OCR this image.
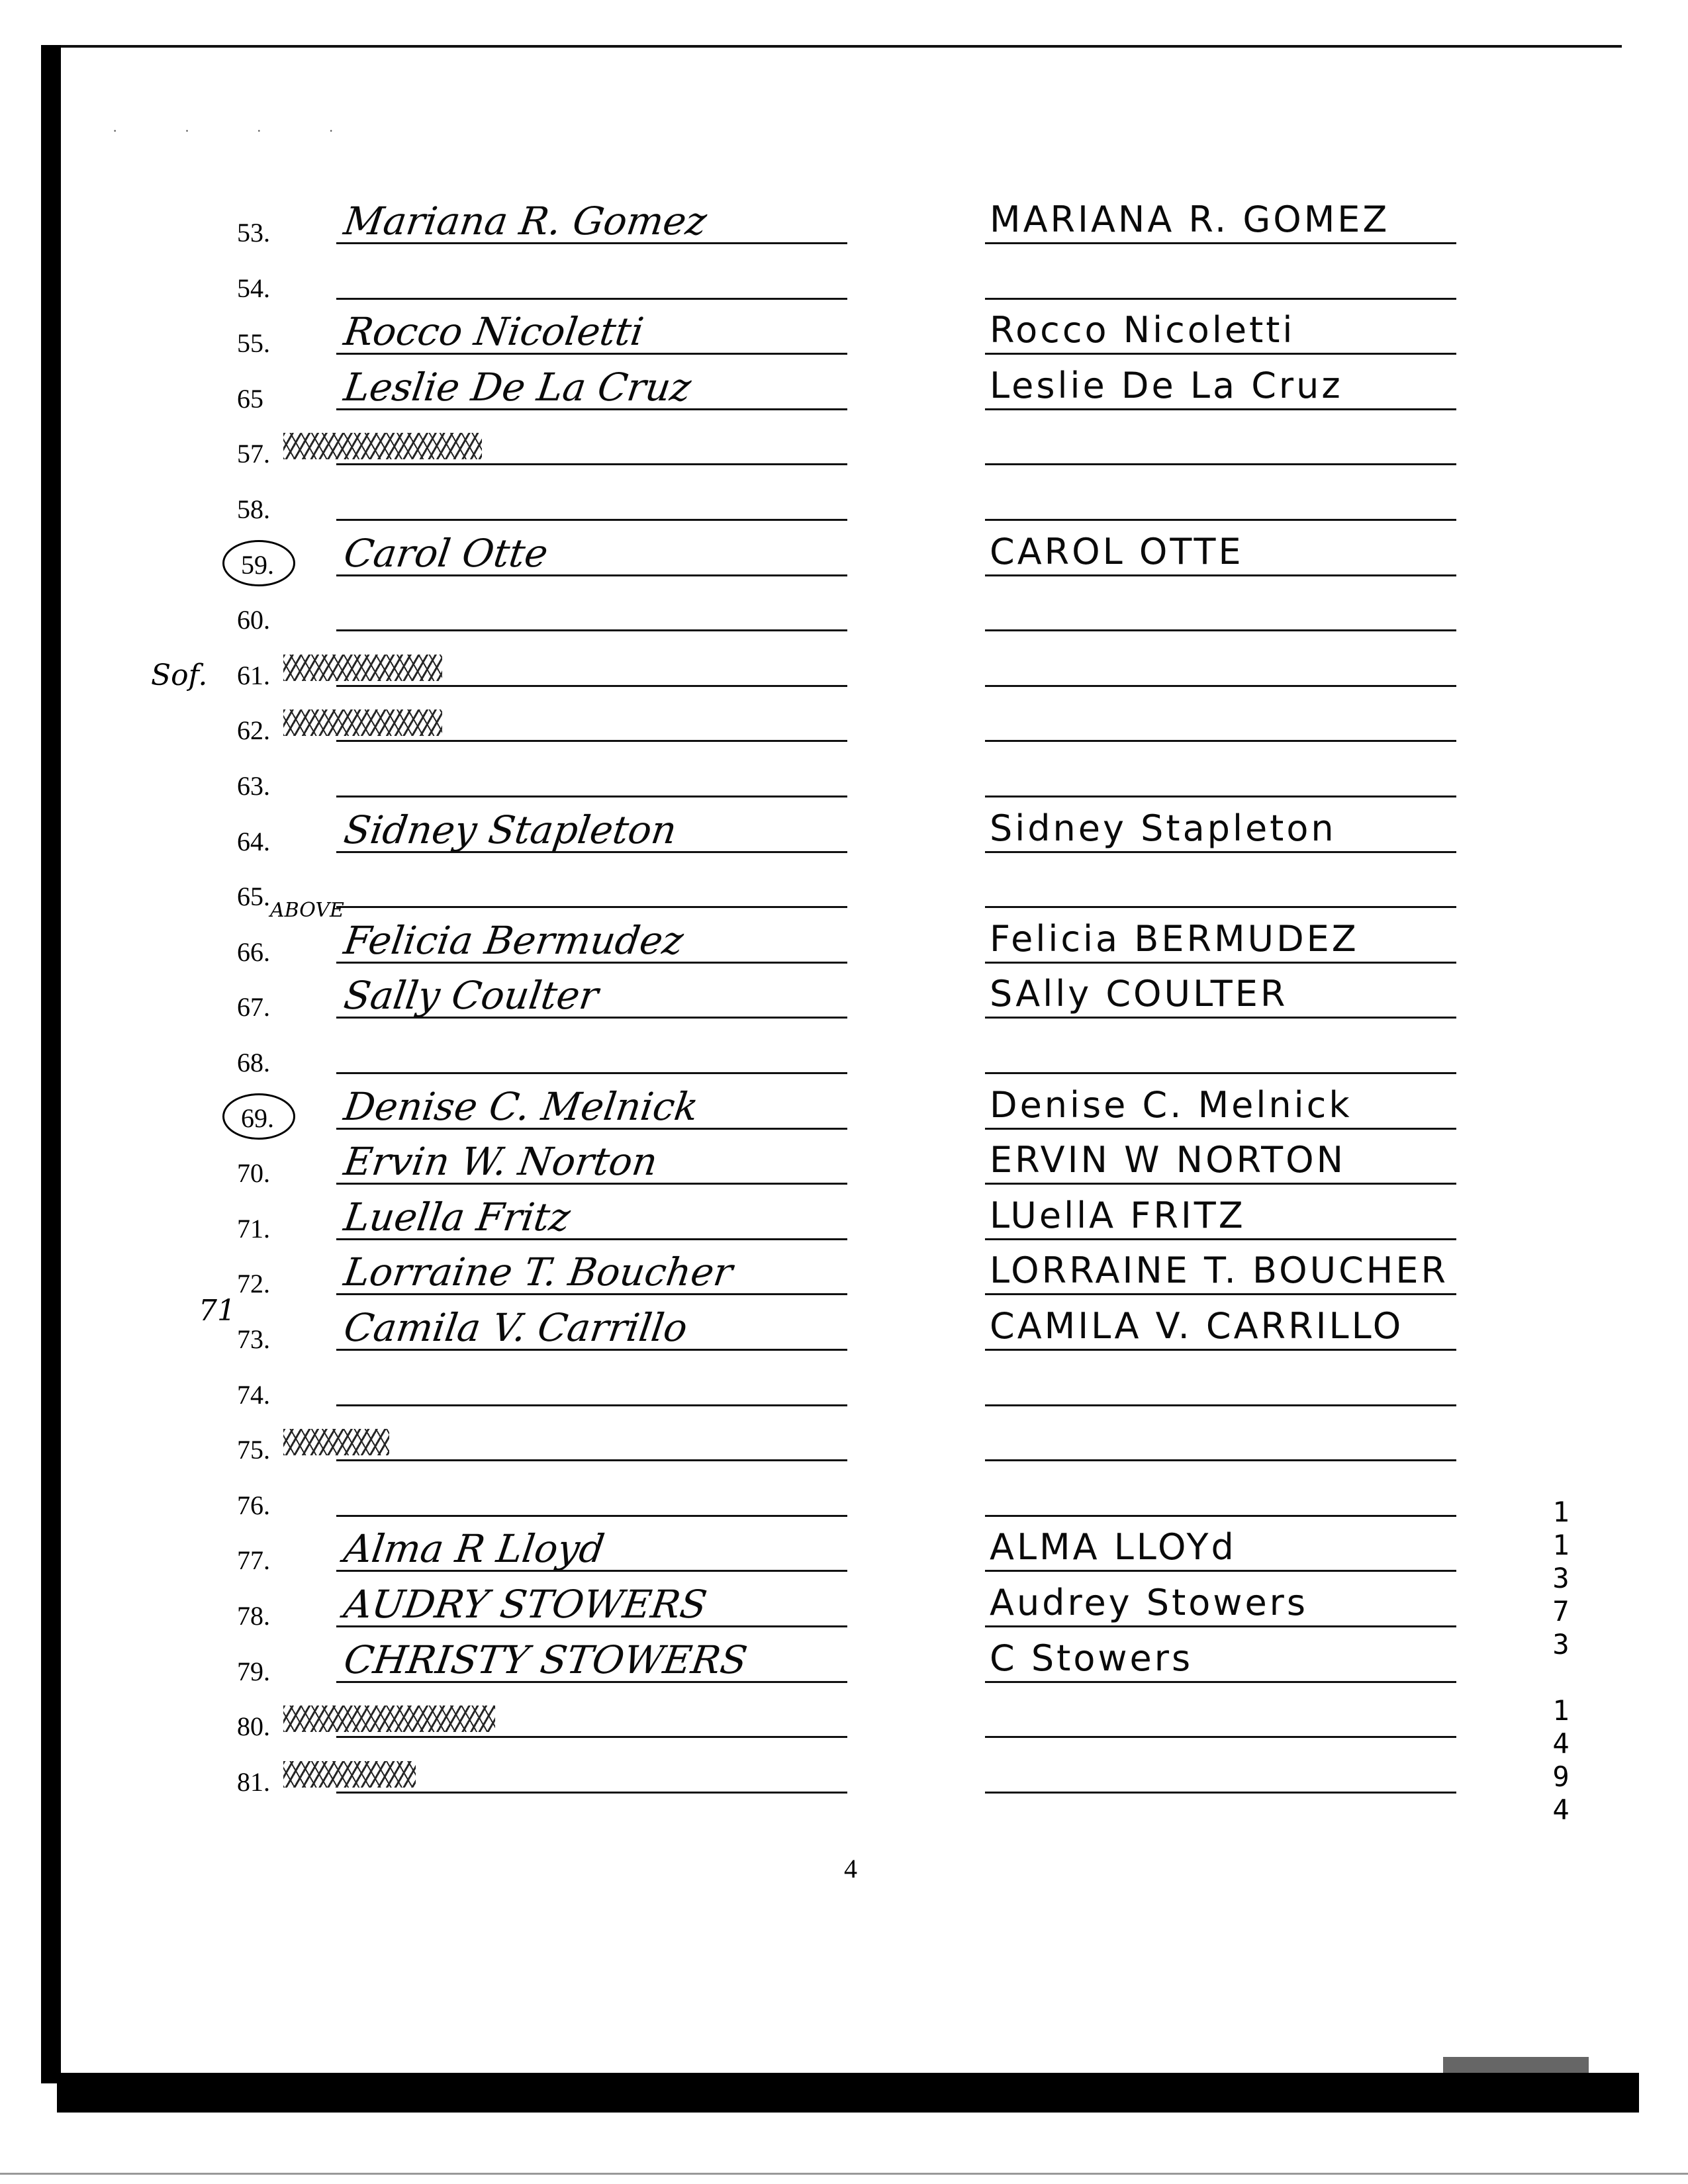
· · · ·
53.	Mariana R. Gomez	MARIANA R. GOMEZ
54.
55.	Rocco Nicoletti	Rocco Nicoletti
65	Leslie De La Cruz	Leslie De La Cruz
57.
58.
59.	Carol Otte	CAROL OTTE
60.
61.
62.
63.
64.	Sidney Stapleton	Sidney Stapleton
65.
66.	Felicia Bermudez	Felicia BERMUDEZ
67.	Sally Coulter	SAlly COULTER
68.
69.	Denise C. Melnick	Denise C. Melnick
70.	Ervin W. Norton	ERVIN W NORTON
71.	Luella Fritz	LUellA FRITZ
72.	Lorraine T. Boucher	LORRAINE T. BOUCHER
73.	Camila V. Carrillo	CAMILA V. CARRILLO
74.
75.
76.
77.	Alma R Lloyd	ALMA LLOYd
78.	AUDRY STOWERS	Audrey Stowers
79.	CHRISTY STOWERS	C Stowers
80.
81.
Sof.
ABOVE
71
4
1
1
3
7
3
1
4
9
4
